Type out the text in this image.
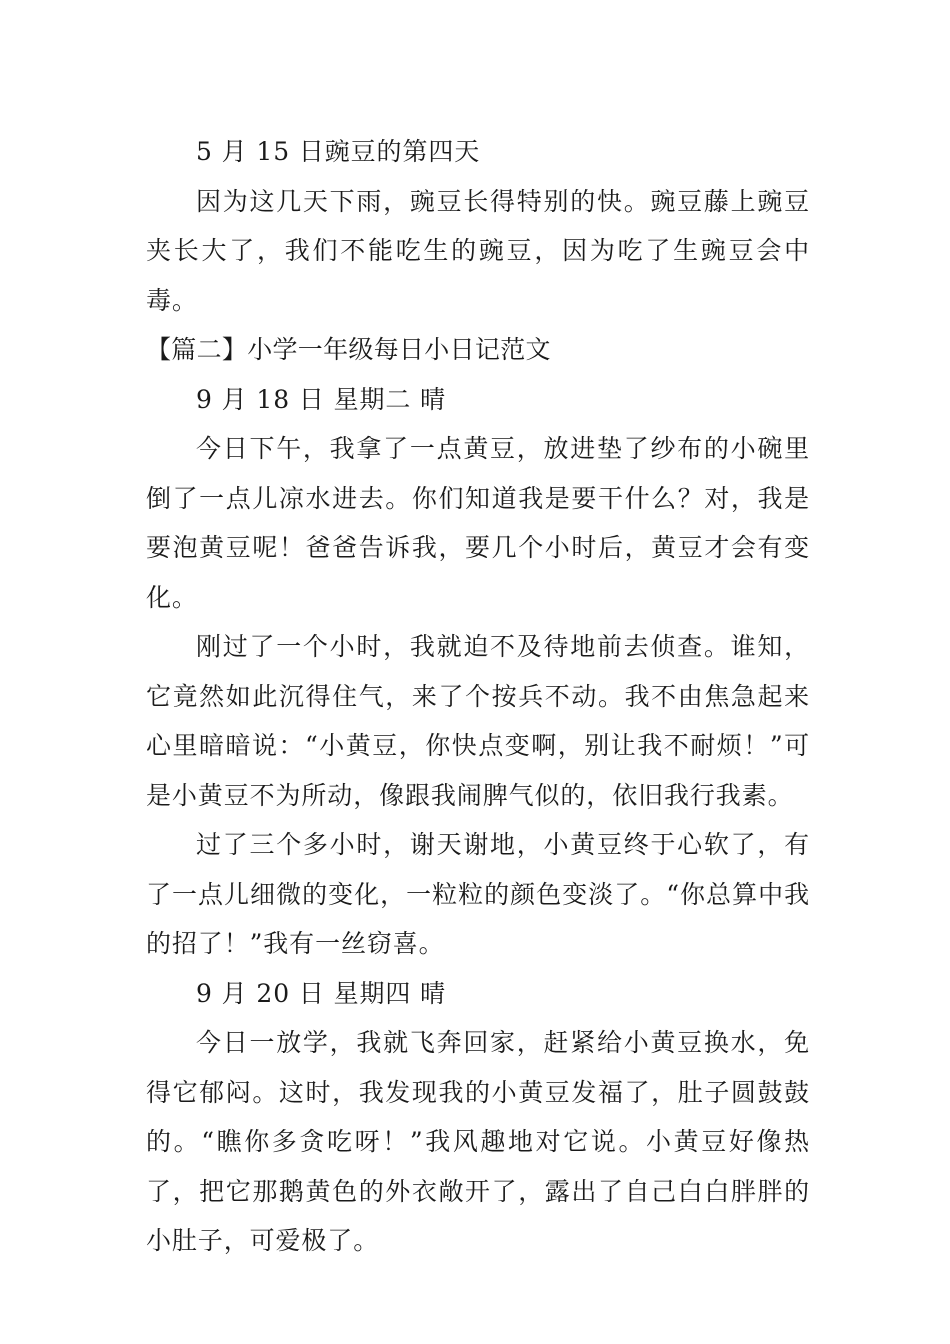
5 月 15 日豌豆的第四天

因为这几天下雨，豌豆长得特别的快。豌豆藤上豌豆夹长大了，我们不能吃生的豌豆，因为吃了生豌豆会中毒。

【篇二】小学一年级每日小日记范文

9 月 18 日 星期二 晴

今日下午，我拿了一点黄豆，放进垫了纱布的小碗里倒了一点儿凉水进去。你们知道我是要干什么？对，我是要泡黄豆呢！爸爸告诉我，要几个小时后，黄豆才会有变化。

刚过了一个小时，我就迫不及待地前去侦查。谁知，它竟然如此沉得住气，来了个按兵不动。我不由焦急起来心里暗暗说：“小黄豆，你快点变啊，别让我不耐烦！”可是小黄豆不为所动，像跟我闹脾气似的，依旧我行我素。

过了三个多小时，谢天谢地，小黄豆终于心软了，有了一点儿细微的变化，一粒粒的颜色变淡了。“你总算中我的招了！”我有一丝窃喜。

9 月 20 日 星期四 晴

今日一放学，我就飞奔回家，赶紧给小黄豆换水，免得它郁闷。这时，我发现我的小黄豆发福了，肚子圆鼓鼓的。“瞧你多贪吃呀！”我风趣地对它说。小黄豆好像热了，把它那鹅黄色的外衣敞开了，露出了自己白白胖胖的小肚子，可爱极了。
